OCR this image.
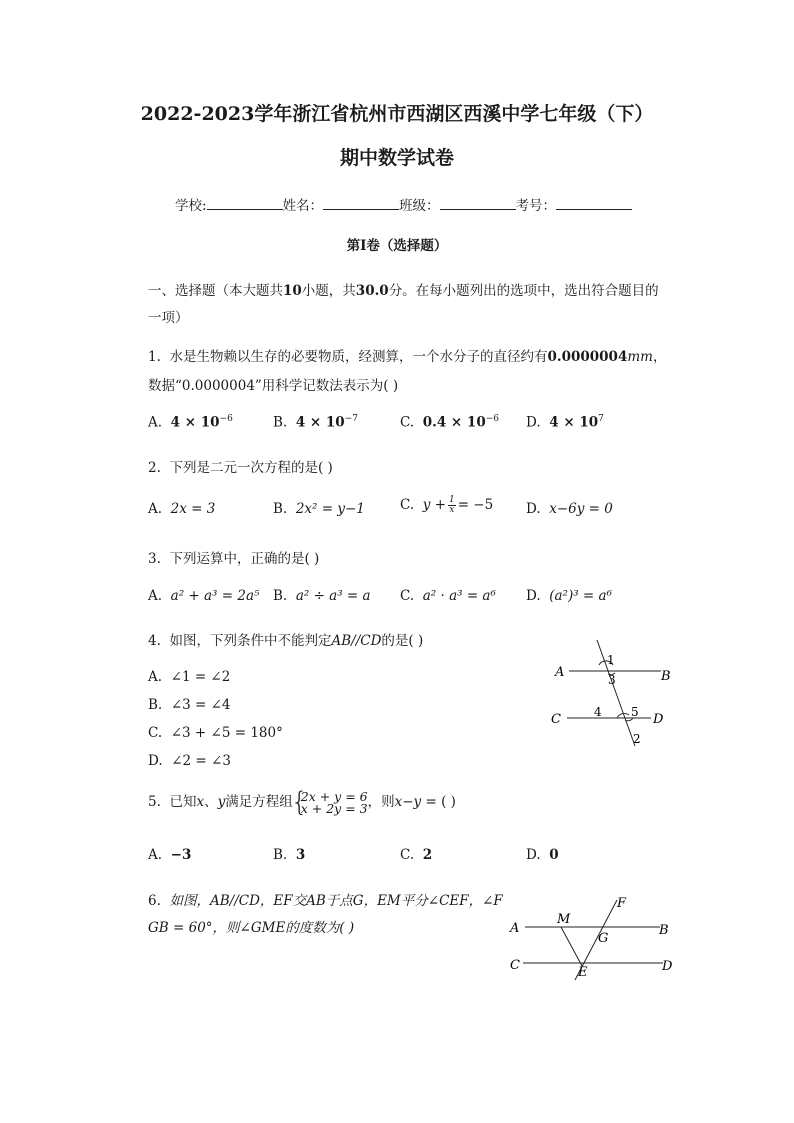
2022-2023学年浙江省杭州市西湖区西溪中学七年级（下）
期中数学试卷
学校:	姓名：	班级：	考号：
第I卷（选择题）
一、选择题（本大题共10小题，共30.0分。在每小题列出的选项中，选出符合题目的
一项）
1. 水是生物赖以生存的必要物质，经测算，一个水分子的直径约有0.0000004mm，
数据“0.0000004”用科学记数法表示为( )
A. $4 \times 10^{-6}$	B. $4 \times 10^{-7}$	C. $0.4 \times 10^{-6}$ D. $4 \times 10^7$
2. 下列是二元一次方程的是( )
A. 2x = 3	B. 2x² = y−1	C. $y + \frac{1}{x} = -5$ D. x−6y = 0
3. 下列运算中，正确的是( )
A. a² + a³ = 2a⁵ B. a² ÷ a³ = a C. a² · a³ = a⁶ D. (a²)³ = a⁶
4. 如图，下列条件中不能判定AB//CD的是( )
A. ∠1 = ∠2
B. ∠3 = ∠4
C. ∠3 + ∠5 = 180°
D. ∠2 = ∠3
A	B
C	D
1
3
4 5
2
5. 已知x、y满足方程组
{ 2x + y = 6
x + 2y = 3 ，则x−y = ( )
A. −3	B. 3	C. 2	D. 0
6. 如图，AB//CD，EF交AB于点G，EM平分∠CEF，∠F
GB = 60°，则∠GME的度数为( )	A	B
C	D
M
F
G
E
